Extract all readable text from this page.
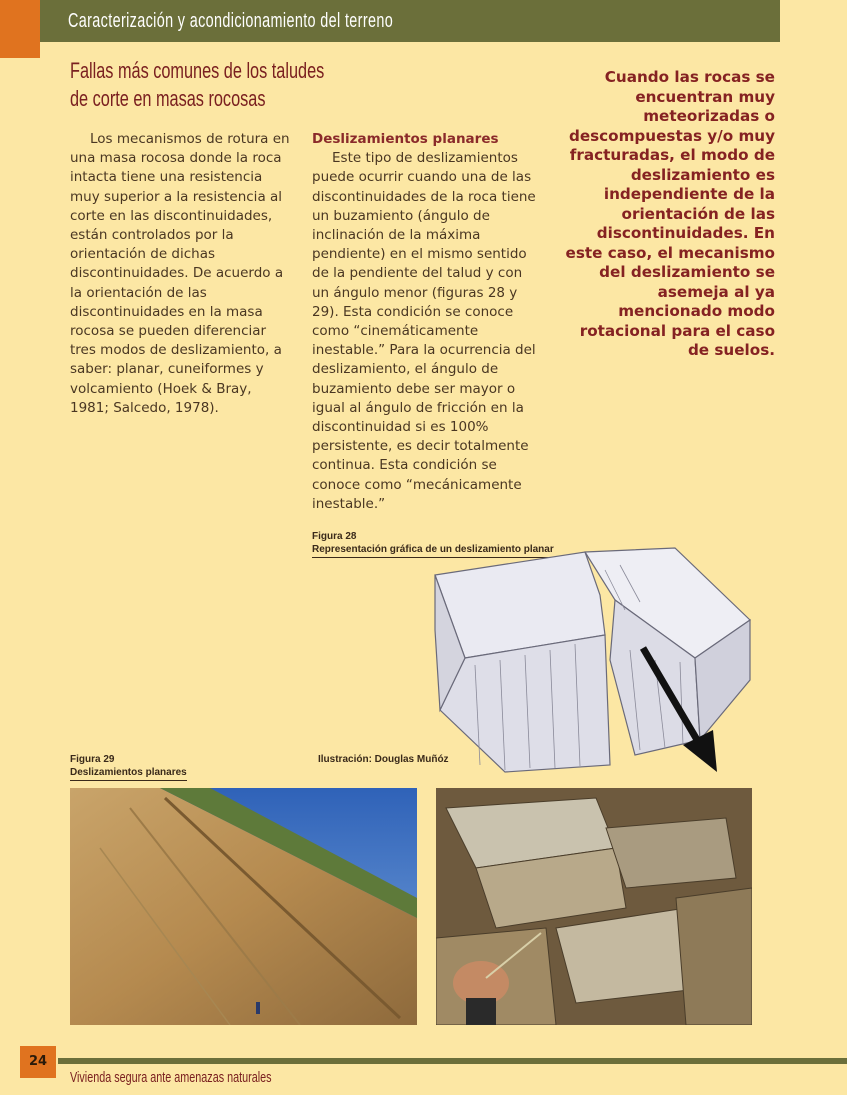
Caracterización y acondicionamiento del terreno
Fallas más comunes de los taludes
de corte en masas rocosas

Los mecanismos de rotura en una masa rocosa donde la roca intacta tiene una resistencia muy superior a la resistencia al corte en las discontinuidades, están controlados por la orientación de dichas discontinuidades. De acuerdo a la orientación de las discontinuidades en la masa rocosa se pueden diferenciar tres modos de deslizamiento, a saber: planar, cuneiformes y volcamiento (Hoek & Bray, 1981; Salcedo, 1978).

Deslizamientos planares

Este tipo de deslizamientos puede ocurrir cuando una de las discontinuidades de la roca tiene un buzamiento (ángulo de inclinación de la máxima pendiente) en el mismo sentido de la pendiente del talud y con un ángulo menor (figuras 28 y 29). Esta condición se conoce como “cinemáticamente inestable.” Para la ocurrencia del deslizamiento, el ángulo de buzamiento debe ser mayor o igual al ángulo de fricción en la discontinuidad si es 100% persistente, es decir totalmente continua. Esta condición se conoce como “mecánicamente inestable.”

Cuando las rocas se encuentran muy meteorizadas o descompuestas y/o muy fracturadas, el modo de deslizamiento es independiente de la orientación de las discontinuidades. En este caso, el mecanismo del deslizamiento se asemeja al ya mencionado modo rotacional para el caso de suelos.
Figura 28
Representación gráfica de un deslizamiento planar
Ilustración: Douglas Muñóz
Figura 29
Deslizamientos planares
24
Vivienda segura ante amenazas naturales
